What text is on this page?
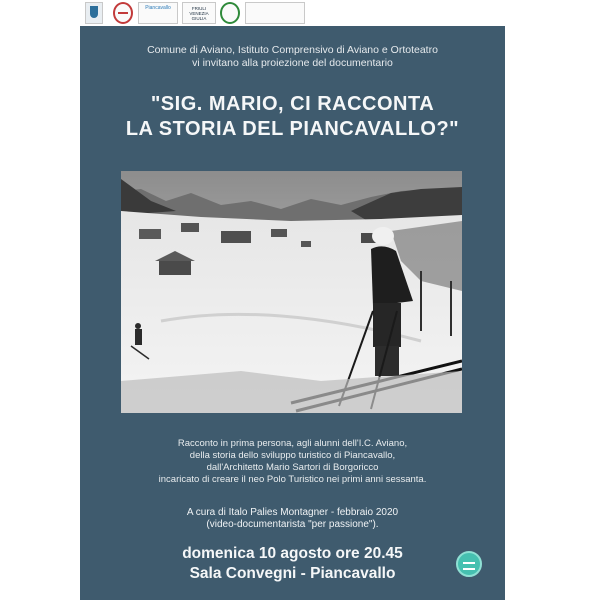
Piancavallo	FRIULI VENEZIA GIULIA
Comune di Aviano, Istituto Comprensivo di Aviano e Ortoteatro
vi invitano alla proiezione del documentario
"SIG. MARIO, CI RACCONTA
LA STORIA DEL PIANCAVALLO?"
Racconto in prima persona, agli alunni dell'I.C. Aviano,
della storia dello sviluppo turistico di Piancavallo,
dall'Architetto Mario Sartori di Borgoricco
incaricato di creare il neo Polo Turistico nei primi anni sessanta.
A cura di Italo Palies Montagner - febbraio 2020
(video-documentarista "per passione").
domenica 10 agosto ore 20.45
Sala Convegni - Piancavallo
